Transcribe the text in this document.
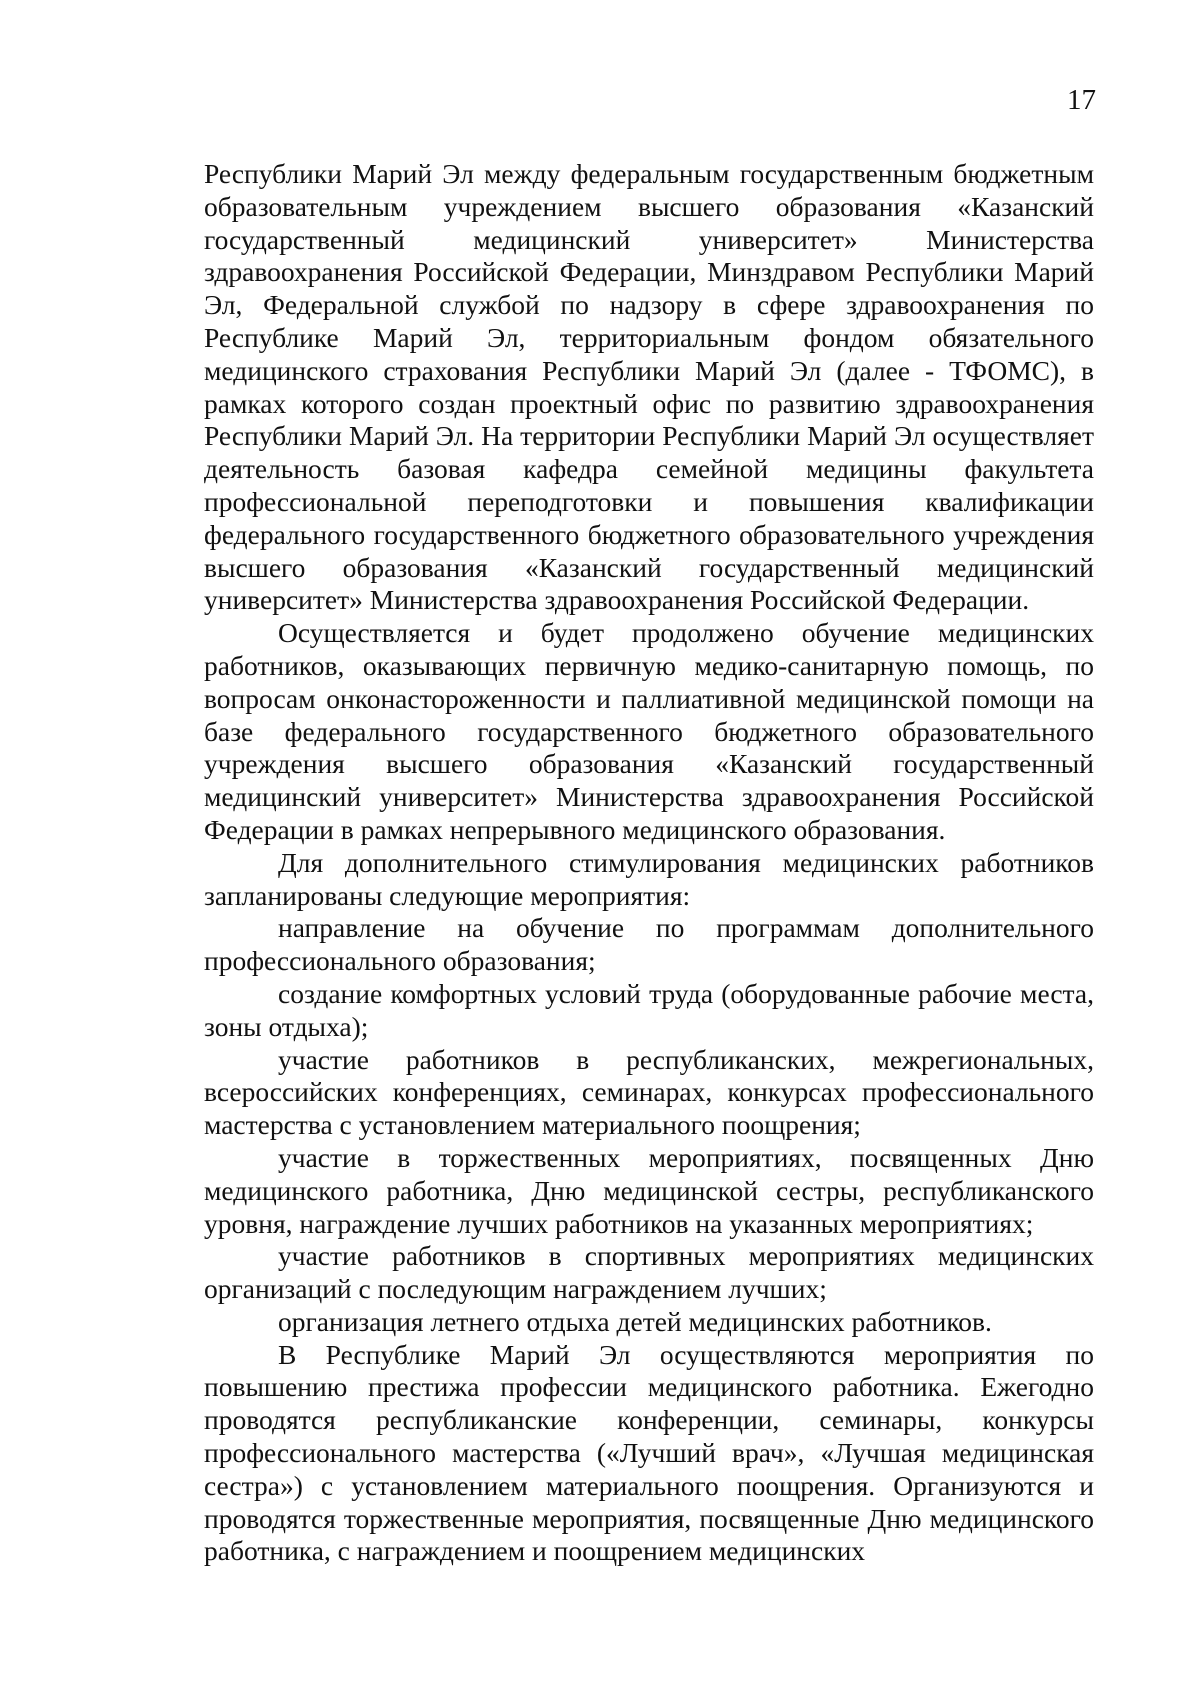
17

Республики Марий Эл между федеральным государственным бюджетным образовательным учреждением высшего образования «Казанский государственный медицинский университет» Министерства здравоохранения Российской Федерации, Минздравом Республики Марий Эл, Федеральной службой по надзору в сфере здравоохранения по Республике Марий Эл, территориальным фондом обязательного медицинского страхования Республики Марий Эл (далее - ТФОМС), в рамках которого создан проектный офис по развитию здравоохранения Республики Марий Эл. На территории Республики Марий Эл осуществляет деятельность базовая кафедра семейной медицины факультета профессиональной переподготовки и повышения квалификации федерального государственного бюджетного образовательного учреждения высшего образования «Казанский государственный медицинский университет» Министерства здравоохранения Российской Федерации.

Осуществляется и будет продолжено обучение медицинских работников, оказывающих первичную медико-санитарную помощь, по вопросам онконастороженности и паллиативной медицинской помощи на базе федерального государственного бюджетного образовательного учреждения высшего образования «Казанский государственный медицинский университет» Министерства здравоохранения Российской Федерации в рамках непрерывного медицинского образования.

Для дополнительного стимулирования медицинских работников запланированы следующие мероприятия:

направление на обучение по программам дополнительного профессионального образования;

создание комфортных условий труда (оборудованные рабочие места, зоны отдыха);

участие работников в республиканских, межрегиональных, всероссийских конференциях, семинарах, конкурсах профессионального мастерства с установлением материального поощрения;

участие в торжественных мероприятиях, посвященных Дню медицинского работника, Дню медицинской сестры, республиканского уровня, награждение лучших работников на указанных мероприятиях;

участие работников в спортивных мероприятиях медицинских организаций с последующим награждением лучших;

организация летнего отдыха детей медицинских работников.

В Республике Марий Эл осуществляются мероприятия по повышению престижа профессии медицинского работника. Ежегодно проводятся республиканские конференции, семинары, конкурсы профессионального мастерства («Лучший врач», «Лучшая медицинская сестра») с установлением материального поощрения. Организуются и проводятся торжественные мероприятия, посвященные Дню медицинского работника, с награждением и поощрением медицинских
